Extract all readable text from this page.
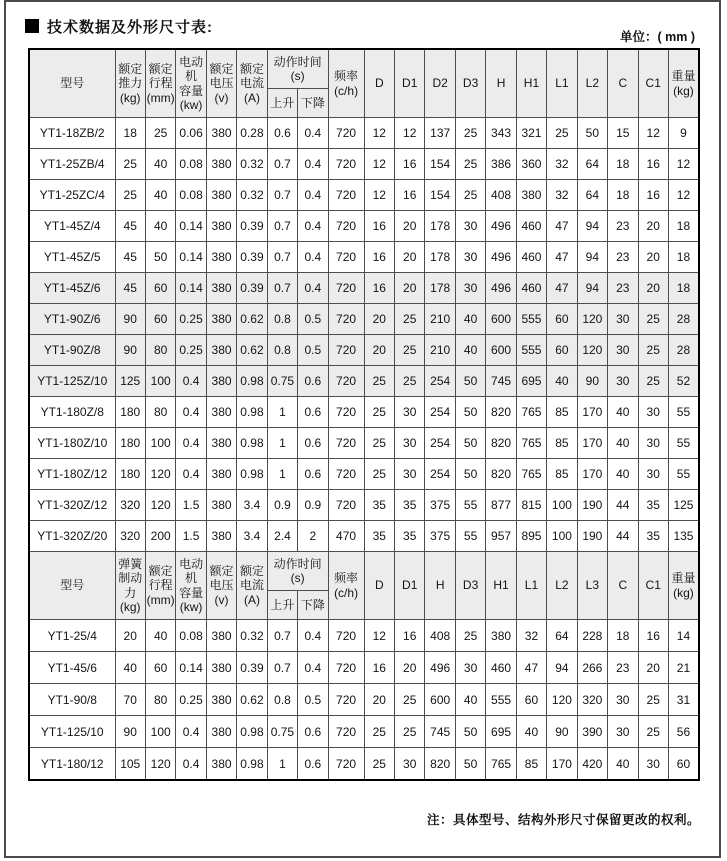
技术数据及外形尺寸表:
单位：( mm )
型号	额定
推力
(kg)	额定
行程
(mm)	电动机
容量
(kw)	额定
电压
(v)	额定
电流
(A)	动作时间
(s)		频率
(c/h)	D	D1	D2	D3	H	H1	L1	L2	C	C1	重量
(kg)
						上升	下降												
YT1-18ZB/2	18	25	0.06	380	0.28	0.6	0.4	720	12	12	137	25	343	321	25	50	15	12	9
YT1-25ZB/4	25	40	0.08	380	0.32	0.7	0.4	720	12	16	154	25	386	360	32	64	18	16	12
YT1-25ZC/4	25	40	0.08	380	0.32	0.7	0.4	720	12	16	154	25	408	380	32	64	18	16	12
YT1-45Z/4	45	40	0.14	380	0.39	0.7	0.4	720	16	20	178	30	496	460	47	94	23	20	18
YT1-45Z/5	45	50	0.14	380	0.39	0.7	0.4	720	16	20	178	30	496	460	47	94	23	20	18
YT1-45Z/6	45	60	0.14	380	0.39	0.7	0.4	720	16	20	178	30	496	460	47	94	23	20	18
YT1-90Z/6	90	60	0.25	380	0.62	0.8	0.5	720	20	25	210	40	600	555	60	120	30	25	28
YT1-90Z/8	90	80	0.25	380	0.62	0.8	0.5	720	20	25	210	40	600	555	60	120	30	25	28
YT1-125Z/10	125	100	0.4	380	0.98	0.75	0.6	720	25	25	254	50	745	695	40	90	30	25	52
YT1-180Z/8	180	80	0.4	380	0.98	1	0.6	720	25	30	254	50	820	765	85	170	40	30	55
YT1-180Z/10	180	100	0.4	380	0.98	1	0.6	720	25	30	254	50	820	765	85	170	40	30	55
YT1-180Z/12	180	120	0.4	380	0.98	1	0.6	720	25	30	254	50	820	765	85	170	40	30	55
YT1-320Z/12	320	120	1.5	380	3.4	0.9	0.9	720	35	35	375	55	877	815	100	190	44	35	125
YT1-320Z/20	320	200	1.5	380	3.4	2.4	2	470	35	35	375	55	957	895	100	190	44	35	135
型号	弹簧
制动力
(kg)	额定
行程
(mm)	电动机
容量
(kw)	额定
电压
(v)	额定
电流
(A)	动作时间
(s)		频率
(c/h)	D	D1	H	D3	H1	L1	L2	L3	C	C1	重量
(kg)
						上升	下降												
YT1-25/4	20	40	0.08	380	0.32	0.7	0.4	720	12	16	408	25	380	32	64	228	18	16	14
YT1-45/6	40	60	0.14	380	0.39	0.7	0.4	720	16	20	496	30	460	47	94	266	23	20	21
YT1-90/8	70	80	0.25	380	0.62	0.8	0.5	720	20	25	600	40	555	60	120	320	30	25	31
YT1-125/10	90	100	0.4	380	0.98	0.75	0.6	720	25	25	745	50	695	40	90	390	30	25	56
YT1-180/12	105	120	0.4	380	0.98	1	0.6	720	25	30	820	50	765	85	170	420	40	30	60
注：具体型号、结构外形尺寸保留更改的权利。
